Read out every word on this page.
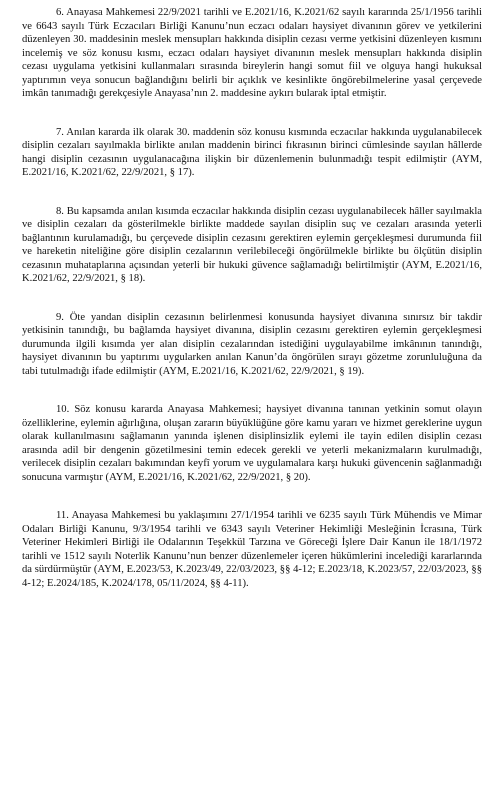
6. Anayasa Mahkemesi 22/9/2021 tarihli ve E.2021/16, K.2021/62 sayılı kararında 25/1/1956 tarihli ve 6643 sayılı Türk Eczacıları Birliği Kanunu’nun eczacı odaları haysiyet divanının görev ve yetkilerini düzenleyen 30. maddesinin meslek mensupları hakkında disiplin cezası verme yetkisini düzenleyen kısmını incelemiş ve söz konusu kısmı, eczacı odaları haysiyet divanının meslek mensupları hakkında disiplin cezası uygulama yetkisini kullanmaları sırasında bireylerin hangi somut fiil ve olguya hangi hukuksal yaptırımın veya sonucun bağlandığını belirli bir açıklık ve kesinlikte öngörebilmelerine yasal çerçevede imkân tanımadığı gerekçesiyle Anayasa’nın 2. maddesine aykırı bularak iptal etmiştir.

7. Anılan kararda ilk olarak 30. maddenin söz konusu kısmında eczacılar hakkında uygulanabilecek disiplin cezaları sayılmakla birlikte anılan maddenin birinci fıkrasının birinci cümlesinde sayılan hâllerde hangi disiplin cezasının uygulanacağına ilişkin bir düzenlemenin bulunmadığı tespit edilmiştir (AYM, E.2021/16, K.2021/62, 22/9/2021, § 17).

8. Bu kapsamda anılan kısımda eczacılar hakkında disiplin cezası uygulanabilecek hâller sayılmakla ve disiplin cezaları da gösterilmekle birlikte maddede sayılan disiplin suç ve cezaları arasında yeterli bağlantının kurulamadığı, bu çerçevede disiplin cezasını gerektiren eylemin gerçekleşmesi durumunda fiil ve hareketin niteliğine göre disiplin cezalarının verilebileceği öngörülmekle birlikte bu ölçütün disiplin cezasının muhataplarına açısından yeterli bir hukuki güvence sağlamadığı belirtilmiştir (AYM, E.2021/16, K.2021/62, 22/9/2021, § 18).

9. Öte yandan disiplin cezasının belirlenmesi konusunda haysiyet divanına sınırsız bir takdir yetkisinin tanındığı, bu bağlamda haysiyet divanına, disiplin cezasını gerektiren eylemin gerçekleşmesi durumunda ilgili kısımda yer alan disiplin cezalarından istediğini uygulayabilme imkânının tanındığı, haysiyet divanının bu yaptırımı uygularken anılan Kanun’da öngörülen sırayı gözetme zorunluluğuna da tabi tutulmadığı ifade edilmiştir (AYM, E.2021/16, K.2021/62, 22/9/2021, § 19).

10. Söz konusu kararda Anayasa Mahkemesi; haysiyet divanına tanınan yetkinin somut olayın özelliklerine, eylemin ağırlığına, oluşan zararın büyüklüğüne göre kamu yararı ve hizmet gereklerine uygun olarak kullanılmasını sağlamanın yanında işlenen disiplinsizlik eylemi ile tayin edilen disiplin cezası arasında adil bir dengenin gözetilmesini temin edecek gerekli ve yeterli mekanizmaların kurulmadığı, verilecek disiplin cezaları bakımından keyfî yorum ve uygulamalara karşı hukuki güvencenin sağlanmadığı sonucuna varmıştır (AYM, E.2021/16, K.2021/62, 22/9/2021, § 20).

11. Anayasa Mahkemesi bu yaklaşımını 27/1/1954 tarihli ve 6235 sayılı Türk Mühendis ve Mimar Odaları Birliği Kanunu, 9/3/1954 tarihli ve 6343 sayılı Veteriner Hekimliği Mesleğinin İcrasına, Türk Veteriner Hekimleri Birliği ile Odalarının Teşekkül Tarzına ve Göreceği İşlere Dair Kanun ile 18/1/1972 tarihli ve 1512 sayılı Noterlik Kanunu’nun benzer düzenlemeler içeren hükümlerini incelediği kararlarında da sürdürmüştür (AYM, E.2023/53, K.2023/49, 22/03/2023, §§ 4-12; E.2023/18, K.2023/57, 22/03/2023, §§ 4-12; E.2024/185, K.2024/178, 05/11/2024, §§ 4-11).
